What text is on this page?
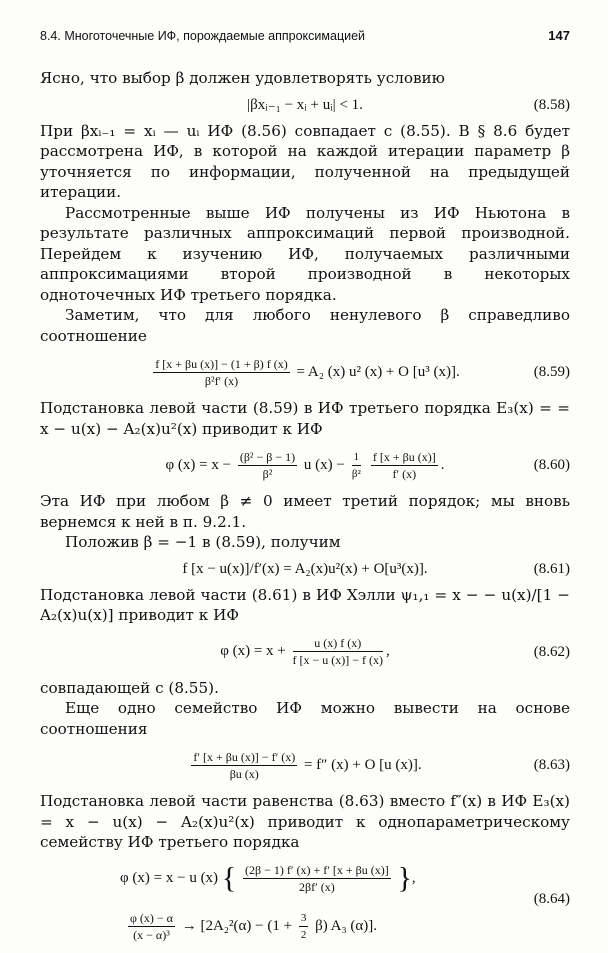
8.4. Многоточечные ИФ, порождаемые аппроксимацией	147

Ясно, что выбор β должен удовлетворять условию

|βxᵢ₋₁ − xᵢ + uᵢ| < 1.	(8.58)

При βxᵢ₋₁ = xᵢ — uᵢ ИФ (8.56) совпадает с (8.55). В § 8.6 будет рассмотрена ИФ, в которой на каждой итерации параметр β уточняется по информации, полученной на предыдущей итерации.

Рассмотренные выше ИФ получены из ИФ Ньютона в результате различных аппроксимаций первой производной. Перейдем к изучению ИФ, получаемых различными аппроксимациями второй производной в некоторых одноточечных ИФ третьего порядка.

Заметим, что для любого ненулевого β справедливо соотношение

$\frac{f [x + \beta u (x)] - (1 + \beta) f (x)}{\text{β²f′ (x)}} = A_2$ (x) u² (x) + O [u³ (x)].	(8.59)

Подстановка левой части (8.59) в ИФ третьего порядка E₃(x) = = x − u(x) − A₂(x)u²(x) приводит к ИФ

φ $(x) = x - \frac{\text{(β² − β − 1)}}{\text{β²}}$ u $(x) - \frac{1}{\text{β²}}$
$\frac{f [x + \beta u (x)]}{f' (x)}$ .	(8.60)

Эта ИФ при любом β ≠ 0 имеет третий порядок; мы вновь вернемся к ней в п. 9.2.1.

Положив β = −1 в (8.59), получим

f [x − u(x)]/f′(x) = A₂(x)u²(x) + O[u³(x)].	(8.61)

Подстановка левой части (8.61) в ИФ Хэлли ψ₁,₁ = x − − u(x)/[1 − A₂(x)u(x)] приводит к ИФ

φ $(x) = x + \frac{u (x) f (x)}{f [x - u (x)] - f (x)}$ ,	(8.62)

совпадающей с (8.55).

Еще одно семейство ИФ можно вывести на основе соотношения

$\frac{f' [x + \beta u (x)] - f' (x)}{\beta u (x)} = f''$ (x) + O [u (x)].	(8.63)

Подстановка левой части равенства (8.63) вместо f″(x) в ИФ E₃(x) = x − u(x) − A₂(x)u²(x) приводит к однопараметрическому семейству ИФ третьего порядка

φ (x) = x − u (x) { $\frac{(2\beta - 1) f' (x) + f' [x + \beta u (x)]}{2\beta f' (x)}$ },
$\frac{\varphi (x) - \alpha}{\text{(x − α)³}} \to [2A_2^2(\alpha) - (1 + \frac{3}{2} \beta)$ A₃ (α)].
(8.64)
